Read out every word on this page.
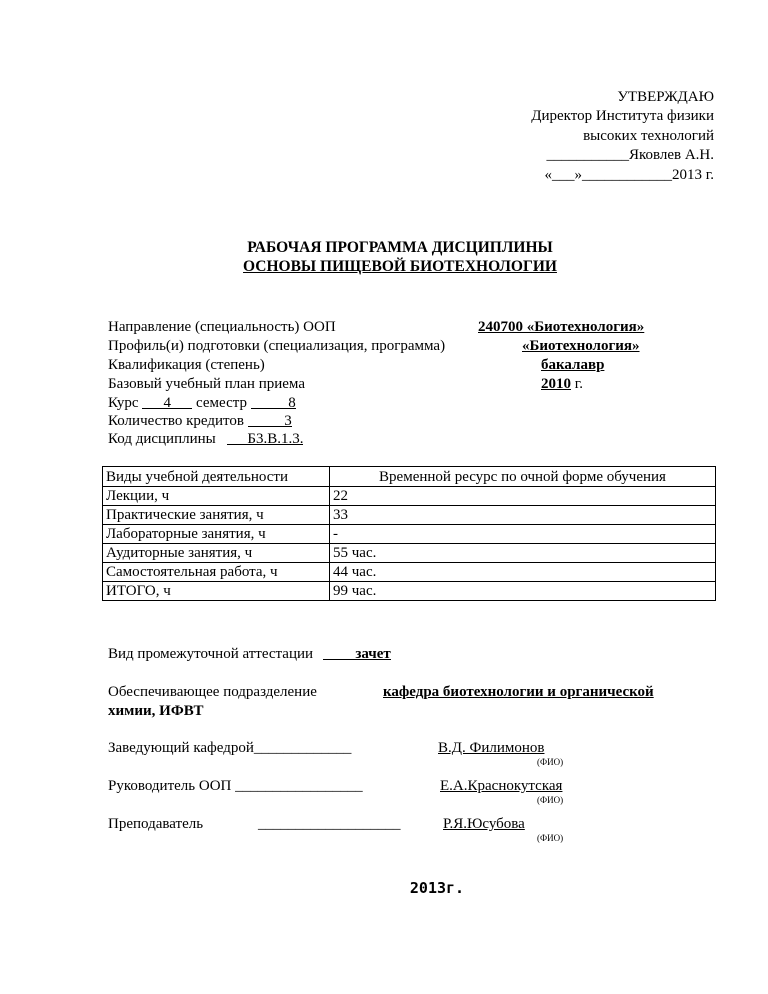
УТВЕРЖДАЮ
Директор Института физики
высоких технологий
___________Яковлев А.Н.
«___»____________2013 г.
РАБОЧАЯ ПРОГРАММА ДИСЦИПЛИНЫ
ОСНОВЫ ПИЩЕВОЙ БИОТЕХНОЛОГИИ
Направление (специальность) ООП	240700 «Биотехнология»
Профиль(и) подготовки (специализация, программа)	«Биотехнология»
Квалификация (степень)	бакалавр
Базовый учебный план приема	2010 г.
Курс 4 семестр	8
Количество кредитов	3
Код дисциплины Б3.В.1.3.
Виды учебной деятельности	Временной ресурс по очной форме обучения
Лекции, ч	22
Практические занятия, ч	33
Лабораторные занятия, ч	-
Аудиторные занятия, ч	55 час.
Самостоятельная работа, ч	44 час.
ИТОГО, ч	99 час.
Вид промежуточной аттестации	зачет
Обеспечивающее подразделение	кафедра биотехнологии и органической
химии, ИФВТ
Заведующий кафедрой_____________	В.Д. Филимонов
(ФИО)
Руководитель ООП _________________	Е.А.Краснокутская
(ФИО)
Преподаватель	___________________	Р.Я.Юсубова
(ФИО)
2013г.
